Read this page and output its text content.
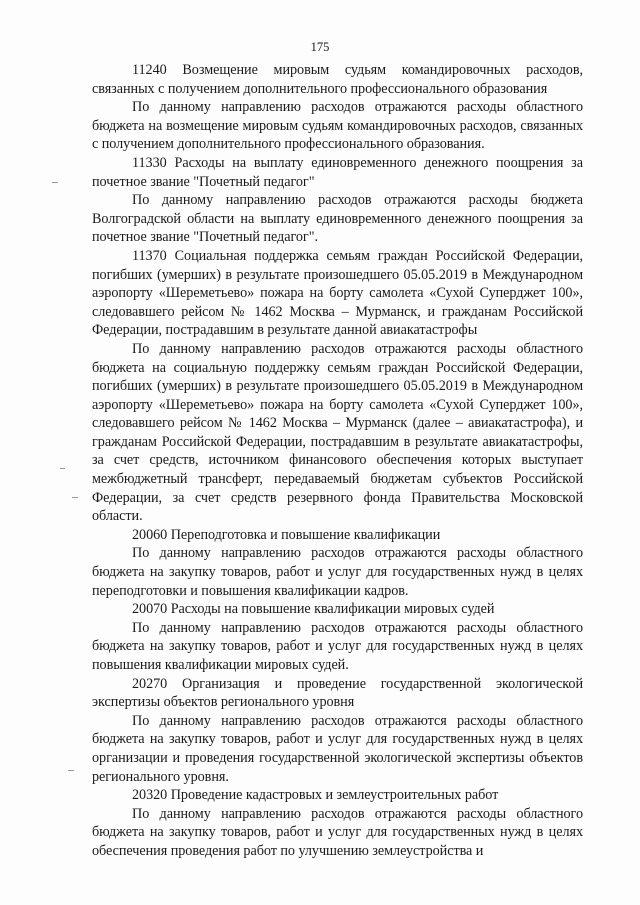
175

11240 Возмещение мировым судьям командировочных расходов, связанных с получением дополнительного профессионального образования

По данному направлению расходов отражаются расходы областного бюджета на возмещение мировым судьям командировочных расходов, связанных с получением дополнительного профессионального образования.

11330 Расходы на выплату единовременного денежного поощрения за почетное звание "Почетный педагог"

По данному направлению расходов отражаются расходы бюджета Волгоградской области на выплату единовременного денежного поощрения за почетное звание "Почетный педагог".

11370 Социальная поддержка семьям граждан Российской Федерации, погибших (умерших) в результате произошедшего 05.05.2019 в Международном аэропорту «Шереметьево» пожара на борту самолета «Сухой Суперджет 100», следовавшего рейсом № 1462 Москва – Мурманск, и гражданам Российской Федерации, пострадавшим в результате данной авиакатастрофы

По данному направлению расходов отражаются расходы областного бюджета на социальную поддержку семьям граждан Российской Федерации, погибших (умерших) в результате произошедшего 05.05.2019 в Международном аэропорту «Шереметьево» пожара на борту самолета «Сухой Суперджет 100», следовавшего рейсом № 1462 Москва – Мурманск (далее – авиакатастрофа), и гражданам Российской Федерации, пострадавшим в результате авиакатастрофы, за счет средств, источником финансового обеспечения которых выступает межбюджетный трансферт, передаваемый бюджетам субъектов Российской Федерации, за счет средств резервного фонда Правительства Московской области.

20060 Переподготовка и повышение квалификации

По данному направлению расходов отражаются расходы областного бюджета на закупку товаров, работ и услуг для государственных нужд в целях переподготовки и повышения квалификации кадров.

20070 Расходы на повышение квалификации мировых судей

По данному направлению расходов отражаются расходы областного бюджета на закупку товаров, работ и услуг для государственных нужд в целях повышения квалификации мировых судей.

20270 Организация и проведение государственной экологической экспертизы объектов регионального уровня

По данному направлению расходов отражаются расходы областного бюджета на закупку товаров, работ и услуг для государственных нужд в целях организации и проведения государственной экологической экспертизы объектов регионального уровня.

20320 Проведение кадастровых и землеустроительных работ

По данному направлению расходов отражаются расходы областного бюджета на закупку товаров, работ и услуг для государственных нужд в целях обеспечения проведения работ по улучшению землеустройства и
